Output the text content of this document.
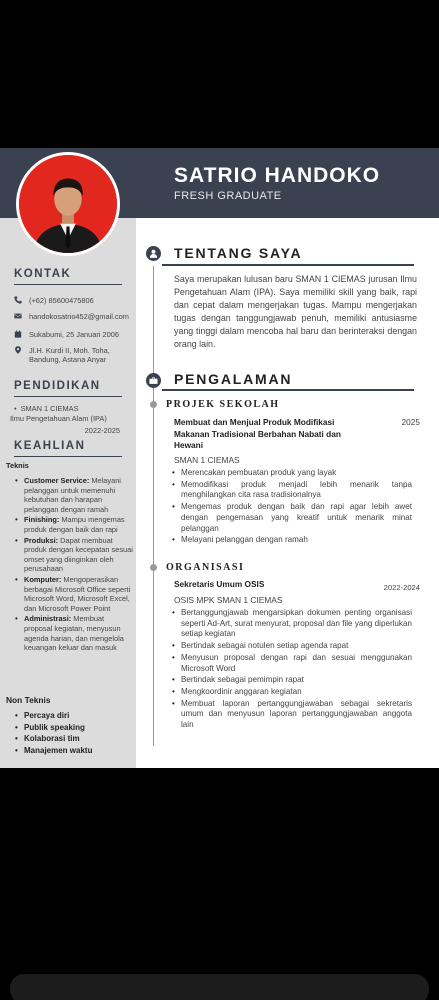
SATRIO HANDOKO
FRESH GRADUATE
KONTAK
(+62) 85600475806
handokosatrio452@gmail.com
Sukabumi, 25 Januari 2006
Jl.H. Kurdi II, Moh. Toha, Bandung, Astana Anyar
PENDIDIKAN
• SMAN 1 CIEMAS
Ilmu Pengetahuan Alam (IPA)
2022-2025
KEAHLIAN
Teknis
• Customer Service: Melayani pelanggan untuk memenuhi kebutuhan dan harapan pelanggan dengan ramah
• Finishing: Mampu mengemas produk dengan baik dan rapi
• Produksi: Dapat membuat produk dengan kecepatan sesuai omset yang diinginkan oleh perusahaan
• Komputer: Mengoperasikan berbagai Microsoft Office seperti Microsoft Word, Microsoft Excel, dan Microsoft Power Point
• Administrasi: Membuat proposal kegiatan, menyusun agenda harian, dan mengelola keuangan keluar dan masuk
Non Teknis
• Percaya diri
• Publik speaking
• Kolaborasi tim
• Manajemen waktu
TENTANG SAYA
Saya merupakan lulusan baru SMAN 1 CIEMAS jurusan Ilmu Pengetahuan Alam (IPA). Saya memiliki skill yang baik, rapi dan cepat dalam mengerjakan tugas. Mampu mengerjakan tugas dengan tanggungjawab penuh, memiliki antusiasme yang tinggi dalam mencoba hal baru dan berinteraksi dengan orang lain.
PENGALAMAN
PROJEK SEKOLAH
Membuat dan Menjual Produk Modifikasi Makanan Tradisional Berbahan Nabati dan Hewani
2025
SMAN 1 CIEMAS
• Merencakan pembuatan produk yang layak
• Memodifikasi produk menjadi lebih menarik tanpa menghilangkan cita rasa tradisionalnya
• Mengemas produk dengan baik dan rapi agar lebih awet dengan pengemasan yang kreatif untuk menarik minat pelanggan
• Melayani pelanggan dengan ramah
ORGANISASI
Sekretaris Umum OSIS	2022-2024
OSIS MPK SMAN 1 CIEMAS
• Bertanggungjawab mengarsipkan dokumen penting organisasi seperti Ad-Art, surat menyurat, proposal dan file yang diperlukan setiap kegiatan
• Bertindak sebagai notulen setiap agenda rapat
• Menyusun proposal dengan rapi dan sesuai menggunakan Microsoft Word
• Bertindak sebagai pemimpin rapat
• Mengkoordinir anggaran kegiatan
• Membuat laporan pertanggungjawaban sebagai sekretaris umum dan menyusun laporan pertanggungjawaban anggota lain
